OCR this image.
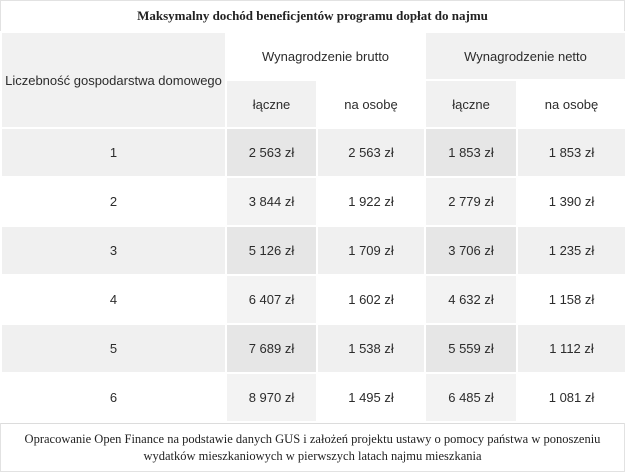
Maksymalny dochód beneficjentów programu dopłat do najmu
Liczebność gospodarstwa domowego	Wynagrodzenie brutto		Wynagrodzenie netto	
	łączne	na osobę	łączne	na osobę
1	2 563 zł	2 563 zł	1 853 zł	1 853 zł
2	3 844 zł	1 922 zł	2 779 zł	1 390 zł
3	5 126 zł	1 709 zł	3 706 zł	1 235 zł
4	6 407 zł	1 602 zł	4 632 zł	1 158 zł
5	7 689 zł	1 538 zł	5 559 zł	1 112 zł
6	8 970 zł	1 495 zł	6 485 zł	1 081 zł
Opracowanie Open Finance na podstawie danych GUS i założeń projektu ustawy o pomocy państwa w ponoszeniu wydatków mieszkaniowych w pierwszych latach najmu mieszkania
